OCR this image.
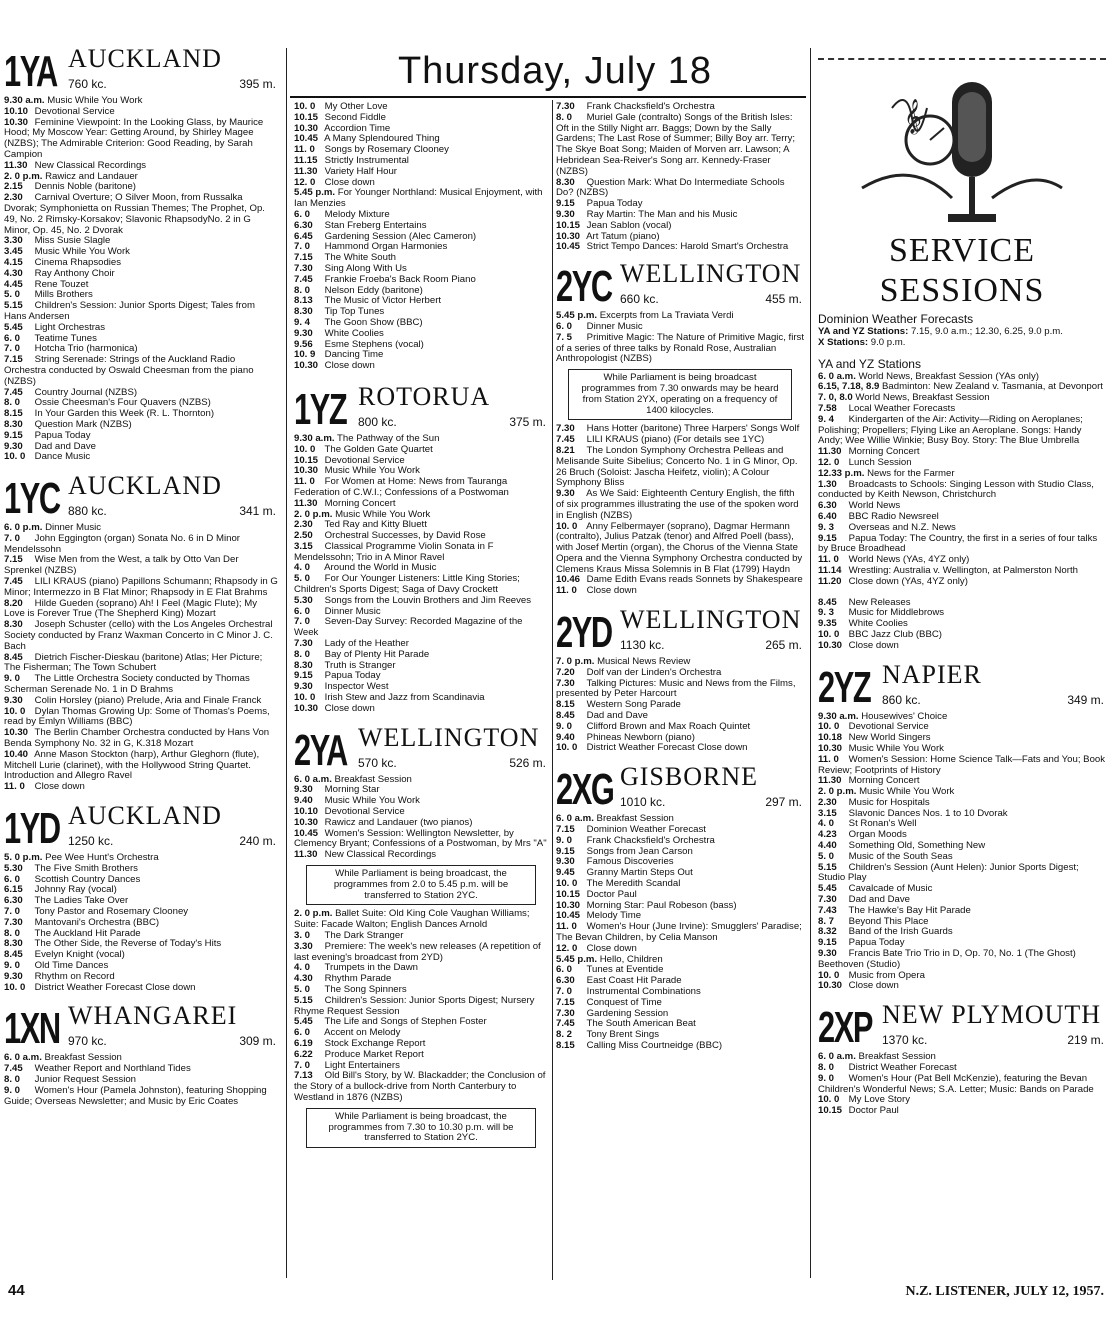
Thursday, July 18
1YA AUCKLAND
760 kc.	395 m.
9.30 a.m. Music While You Work
10.10 Devotional Service
10.30 Feminine Viewpoint: In the Looking Glass, by Maurice Hood; My Moscow Year: Getting Around, by Shirley Magee (NZBS); The Admirable Criterion: Good Reading, by Sarah Campion
11.30 New Classical Recordings
2. 0 p.m. Rawicz and Landauer
2.15 Dennis Noble (baritone)
2.30 Carnival Overture; O Silver Moon, from Russalka Dvorak; Symphonietta on Russian Themes; The Prophet, Op. 49, No. 2 Rimsky-Korsakov; Slavonic RhapsodyNo. 2 in G Minor, Op. 45, No. 2 Dvorak
3.30 Miss Susie Slagle
3.45 Music While You Work
4.15 Cinema Rhapsodies
4.30 Ray Anthony Choir
4.45 Rene Touzet
5. 0 Mills Brothers
5.15 Children's Session: Junior Sports Digest; Tales from Hans Andersen
5.45 Light Orchestras
6. 0 Teatime Tunes
7. 0 Hotcha Trio (harmonica)
7.15 String Serenade: Strings of the Auckland Radio Orchestra conducted by Oswald Cheesman from the piano (NZBS)
7.45 Country Journal (NZBS)
8. 0 Ossie Cheesman's Four Quavers (NZBS)
8.15 In Your Garden this Week (R. L. Thornton)
8.30 Question Mark (NZBS)
9.15 Papua Today
9.30 Dad and Dave
10. 0 Dance Music
1YC AUCKLAND
880 kc.	341 m.
6. 0 p.m. Dinner Music
7. 0 John Eggington (organ) Sonata No. 6 in D Minor Mendelssohn
7.15 Wise Men from the West, a talk by Otto Van Der Sprenkel (NZBS)
7.45 LILI KRAUS (piano) Papillons Schumann; Rhapsody in G Minor; Intermezzo in B Flat Minor; Rhapsody in E Flat Brahms
8.20 Hilde Gueden (soprano) Ah! I Feel (Magic Flute); My Love is Forever True (The Shepherd King) Mozart
8.30 Joseph Schuster (cello) with the Los Angeles Orchestral Society conducted by Franz Waxman Concerto in C Minor J. C. Bach
8.45 Dietrich Fischer-Dieskau (baritone) Atlas; Her Picture; The Fisherman; The Town Schubert
9. 0 The Little Orchestra Society conducted by Thomas Scherman Serenade No. 1 in D Brahms
9.30 Colin Horsley (piano) Prelude, Aria and Finale Franck
10. 0 Dylan Thomas Growing Up: Some of Thomas's Poems, read by Emlyn Williams (BBC)
10.30 The Berlin Chamber Orchestra conducted by Hans Von Benda Symphony No. 32 in G, K.318 Mozart
10.40 Anne Mason Stockton (harp), Arthur Gleghorn (flute), Mitchell Lurie (clarinet), with the Hollywood String Quartet. Introduction and Allegro Ravel
11. 0 Close down
1YD AUCKLAND
1250 kc.	240 m.
5. 0 p.m. Pee Wee Hunt's Orchestra
5.30 The Five Smith Brothers
6. 0 Scottish Country Dances
6.15 Johnny Ray (vocal)
6.30 The Ladies Take Over
7. 0 Tony Pastor and Rosemary Clooney
7.30 Mantovani's Orchestra (BBC)
8. 0 The Auckland Hit Parade
8.30 The Other Side, the Reverse of Today's Hits
8.45 Evelyn Knight (vocal)
9. 0 Old Time Dances
9.30 Rhythm on Record
10. 0 District Weather Forecast Close down
1XN WHANGAREI
970 kc.	309 m.
6. 0 a.m. Breakfast Session
7.45 Weather Report and Northland Tides
8. 0 Junior Request Session
9. 0 Women's Hour (Pamela Johnston), featuring Shopping Guide; Overseas Newsletter; and Music by Eric Coates
10. 0 My Other Love
10.15 Second Fiddle
10.30 Accordion Time
10.45 A Many Splendoured Thing
11. 0 Songs by Rosemary Clooney
11.15 Strictly Instrumental
11.30 Variety Half Hour
12. 0 Close down
5.45 p.m. For Younger Northland: Musical Enjoyment, with Ian Menzies
6. 0 Melody Mixture
6.30 Stan Freberg Entertains
6.45 Gardening Session (Alec Cameron)
7. 0 Hammond Organ Harmonies
7.15 The White South
7.30 Sing Along With Us
7.45 Frankie Froeba's Back Room Piano
8. 0 Nelson Eddy (baritone)
8.13 The Music of Victor Herbert
8.30 Tip Top Tunes
9. 4 The Goon Show (BBC)
9.30 White Coolies
9.56 Esme Stephens (vocal)
10. 9 Dancing Time
10.30 Close down
1YZ ROTORUA
800 kc.	375 m.
9.30 a.m. The Pathway of the Sun
10. 0 The Golden Gate Quartet
10.15 Devotional Service
10.30 Music While You Work
11. 0 For Women at Home: News from Tauranga Federation of C.W.I.; Confessions of a Postwoman
11.30 Morning Concert
2. 0 p.m. Music While You Work
2.30 Ted Ray and Kitty Bluett
2.50 Orchestral Successes, by David Rose
3.15 Classical Programme Violin Sonata in F Mendelssohn; Trio in A Minor Ravel
4. 0 Around the World in Music
5. 0 For Our Younger Listeners: Little King Stories; Children's Sports Digest; Saga of Davy Crockett
5.30 Songs from the Louvin Brothers and Jim Reeves
6. 0 Dinner Music
7. 0 Seven-Day Survey: Recorded Magazine of the Week
7.30 Lady of the Heather
8. 0 Bay of Plenty Hit Parade
8.30 Truth is Stranger
9.15 Papua Today
9.30 Inspector West
10. 0 Irish Stew and Jazz from Scandinavia
10.30 Close down
2YA WELLINGTON
570 kc.	526 m.
6. 0 a.m. Breakfast Session
9.30 Morning Star
9.40 Music While You Work
10.10 Devotional Service
10.30 Rawicz and Landauer (two pianos)
10.45 Women's Session: Wellington Newsletter, by Clemency Bryant; Confessions of a Postwoman, by Mrs "A"
11.30 New Classical Recordings
While Parliament is being broadcast, the programmes from 2.0 to 5.45 p.m. will be transferred to Station 2YC.
2. 0 p.m. Ballet Suite: Old King Cole Vaughan Williams; Suite: Facade Walton; English Dances Arnold
3. 0 The Dark Stranger
3.30 Premiere: The week's new releases (A repetition of last evening's broadcast from 2YD)
4. 0 Trumpets in the Dawn
4.30 Rhythm Parade
5. 0 The Song Spinners
5.15 Children's Session: Junior Sports Digest; Nursery Rhyme Request Session
5.45 The Life and Songs of Stephen Foster
6. 0 Accent on Melody
6.19 Stock Exchange Report
6.22 Produce Market Report
7. 0 Light Entertainers
7.13 Old Bill's Story, by W. Blackadder; the Conclusion of the Story of a bullock-drive from North Canterbury to Westland in 1876 (NZBS)
While Parliament is being broadcast, the programmes from 7.30 to 10.30 p.m. will be transferred to Station 2YC.
7.30 Frank Chacksfield's Orchestra
8. 0 Muriel Gale (contralto) Songs of the British Isles: Oft in the Stilly Night arr. Baggs; Down by the Sally Gardens; The Last Rose of Summer; Billy Boy arr. Terry; The Skye Boat Song; Maiden of Morven arr. Lawson; A Hebridean Sea-Reiver's Song arr. Kennedy-Fraser (NZBS)
8.30 Question Mark: What Do Intermediate Schools Do? (NZBS)
9.15 Papua Today
9.30 Ray Martin: The Man and his Music
10.15 Jean Sablon (vocal)
10.30 Art Tatum (piano)
10.45 Strict Tempo Dances: Harold Smart's Orchestra
2YC WELLINGTON
660 kc.	455 m.
5.45 p.m. Excerpts from La Traviata Verdi
6. 0 Dinner Music
7. 5 Primitive Magic: The Nature of Primitive Magic, first of a series of three talks by Ronald Rose, Australian Anthropologist (NZBS)
While Parliament is being broadcast programmes from 7.30 onwards may be heard from Station 2YX, operating on a frequency of 1400 kilocycles.
7.30 Hans Hotter (baritone) Three Harpers' Songs Wolf
7.45 LILI KRAUS (piano) (For details see 1YC)
8.21 The London Symphony Orchestra Pelleas and Melisande Suite Sibelius; Concerto No. 1 in G Minor, Op. 26 Bruch (Soloist: Jascha Heifetz, violin); A Colour Symphony Bliss
9.30 As We Said: Eighteenth Century English, the fifth of six programmes illustrating the use of the spoken word in English (NZBS)
10. 0 Anny Felbermayer (soprano), Dagmar Hermann (contralto), Julius Patzak (tenor) and Alfred Poell (bass), with Josef Mertin (organ), the Chorus of the Vienna State Opera and the Vienna Symphony Orchestra conducted by Clemens Kraus Missa Solemnis in B Flat (1799) Haydn
10.46 Dame Edith Evans reads Sonnets by Shakespeare
11. 0 Close down
2YD WELLINGTON
1130 kc.	265 m.
7. 0 p.m. Musical News Review
7.20 Dolf van der Linden's Orchestra
7.30 Talking Pictures: Music and News from the Films, presented by Peter Harcourt
8.15 Western Song Parade
8.45 Dad and Dave
9. 0 Clifford Brown and Max Roach Quintet
9.40 Phineas Newborn (piano)
10. 0 District Weather Forecast Close down
2XG GISBORNE
1010 kc.	297 m.
6. 0 a.m. Breakfast Session
7.15 Dominion Weather Forecast
9. 0 Frank Chacksfield's Orchestra
9.15 Songs from Jean Carson
9.30 Famous Discoveries
9.45 Granny Martin Steps Out
10. 0 The Meredith Scandal
10.15 Doctor Paul
10.30 Morning Star: Paul Robeson (bass)
10.45 Melody Time
11. 0 Women's Hour (June Irvine): Smugglers' Paradise; The Bevan Children, by Celia Manson
12. 0 Close down
5.45 p.m. Hello, Children
6. 0 Tunes at Eventide
6.30 East Coast Hit Parade
7. 0 Instrumental Combinations
7.15 Conquest of Time
7.30 Gardening Session
7.45 The South American Beat
8. 2 Tony Brent Sings
8.15 Calling Miss Courtneidge (BBC)
𝄞
SERVICE
SESSIONS
Dominion Weather Forecasts
YA and YZ Stations: 7.15, 9.0 a.m.; 12.30, 6.25, 9.0 p.m.
X Stations: 9.0 p.m.
YA and YZ Stations
6. 0 a.m. World News, Breakfast Session (YAs only)
6.15, 7.18, 8.9 Badminton: New Zealand v. Tasmania, at Devonport
7. 0, 8.0 World News, Breakfast Session
7.58 Local Weather Forecasts
9. 4 Kindergarten of the Air: Activity—Riding on Aeroplanes; Polishing; Propellers; Flying Like an Aeroplane. Songs: Handy Andy; Wee Willie Winkie; Busy Boy. Story: The Blue Umbrella
11.30 Morning Concert
12. 0 Lunch Session
12.33 p.m. News for the Farmer
1.30 Broadcasts to Schools: Singing Lesson with Studio Class, conducted by Keith Newson, Christchurch
6.30 World News
6.40 BBC Radio Newsreel
9. 3 Overseas and N.Z. News
9.15 Papua Today: The Country, the first in a series of four talks by Bruce Broadhead
11. 0 World News (YAs, 4YZ only)
11.14 Wrestling: Australia v. Wellington, at Palmerston North
11.20 Close down (YAs, 4YZ only)
8.45 New Releases
9. 3 Music for Middlebrows
9.35 White Coolies
10. 0 BBC Jazz Club (BBC)
10.30 Close down
2YZ NAPIER
860 kc.	349 m.
9.30 a.m. Housewives' Choice
10. 0 Devotional Service
10.18 New World Singers
10.30 Music While You Work
11. 0 Women's Session: Home Science Talk—Fats and You; Book Review; Footprints of History
11.30 Morning Concert
2. 0 p.m. Music While You Work
2.30 Music for Hospitals
3.15 Slavonic Dances Nos. 1 to 10 Dvorak
4. 0 St Ronan's Well
4.23 Organ Moods
4.40 Something Old, Something New
5. 0 Music of the South Seas
5.15 Children's Session (Aunt Helen): Junior Sports Digest; Studio Play
5.45 Cavalcade of Music
7.30 Dad and Dave
7.43 The Hawke's Bay Hit Parade
8. 7 Beyond This Place
8.32 Band of the Irish Guards
9.15 Papua Today
9.30 Francis Bate Trio Trio in D, Op. 70, No. 1 (The Ghost) Beethoven (Studio)
10. 0 Music from Opera
10.30 Close down
2XP NEW PLYMOUTH
1370 kc.	219 m.
6. 0 a.m. Breakfast Session
8. 0 District Weather Forecast
9. 0 Women's Hour (Pat Bell McKenzie), featuring the Bevan Children's Wonderful News; S.A. Letter; Music: Bands on Parade
10. 0 My Love Story
10.15 Doctor Paul
44	N.Z. LISTENER, JULY 12, 1957.
